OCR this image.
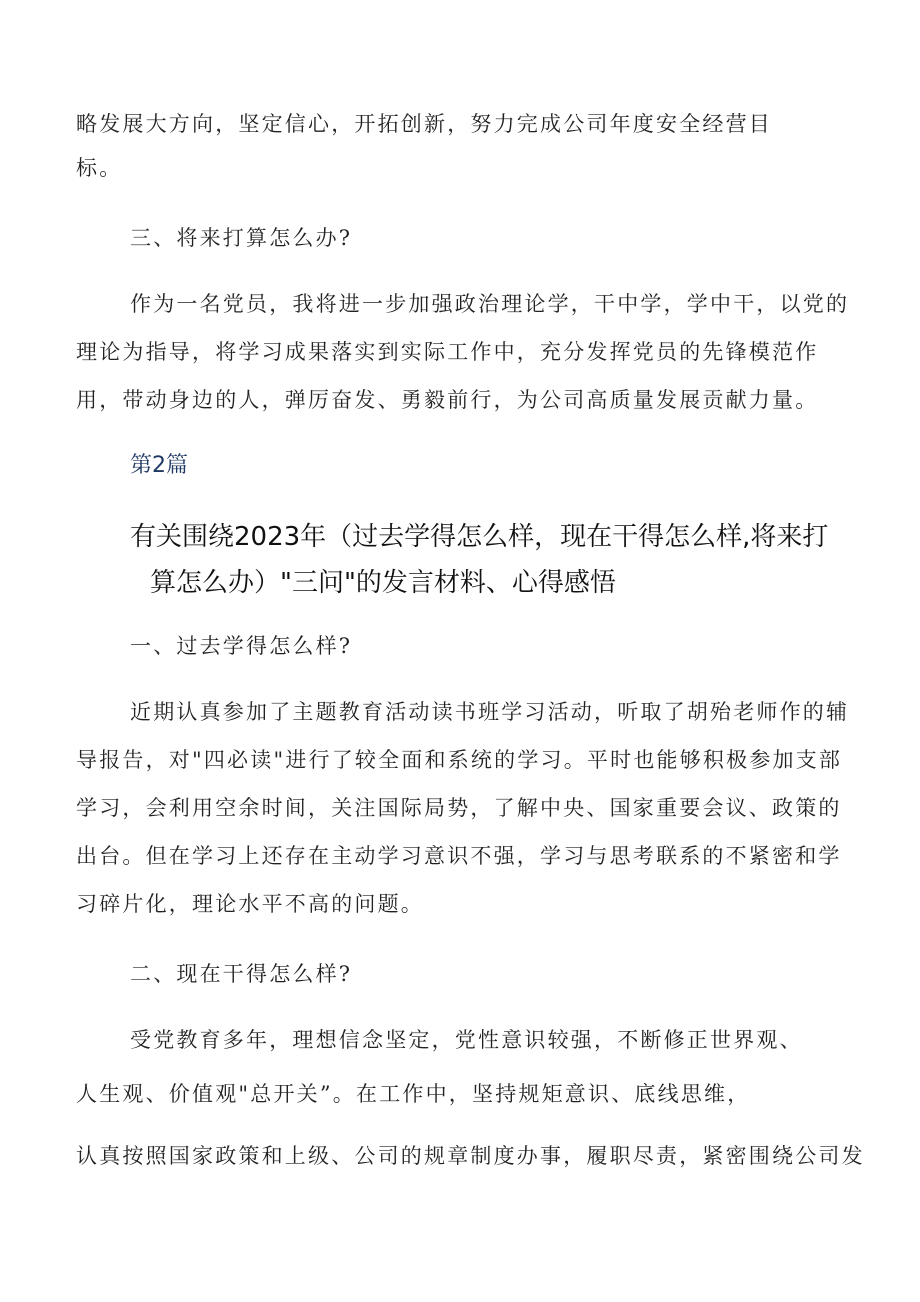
略发展大方向，坚定信心，开拓创新，努力完成公司年度安全经营目
标。
三、将来打算怎么办?
作为一名党员，我将进一步加强政治理论学，干中学，学中干，以党的
理论为指导，将学习成果落实到实际工作中，充分发挥党员的先锋模范作
用，带动身边的人，弹厉奋发、勇毅前行，为公司高质量发展贡献力量。
第2篇
有关围绕2023年（过去学得怎么样，现在干得怎么样,将来打
算怎么办）"三问"的发言材料、心得感悟
一、过去学得怎么样?
近期认真参加了主题教育活动读书班学习活动，听取了胡殆老师作的辅
导报告，对"四必读"进行了较全面和系统的学习。平时也能够积极参加支部
学习，会利用空余时间，关注国际局势，了解中央、国家重要会议、政策的
出台。但在学习上还存在主动学习意识不强，学习与思考联系的不紧密和学
习碎片化，理论水平不高的问题。
二、现在干得怎么样?
受党教育多年，理想信念坚定，党性意识较强，不断修正世界观、
人生观、价值观"总开关”。在工作中，坚持规矩意识、底线思维，
认真按照国家政策和上级、公司的规章制度办事，履职尽责，紧密围绕公司发
